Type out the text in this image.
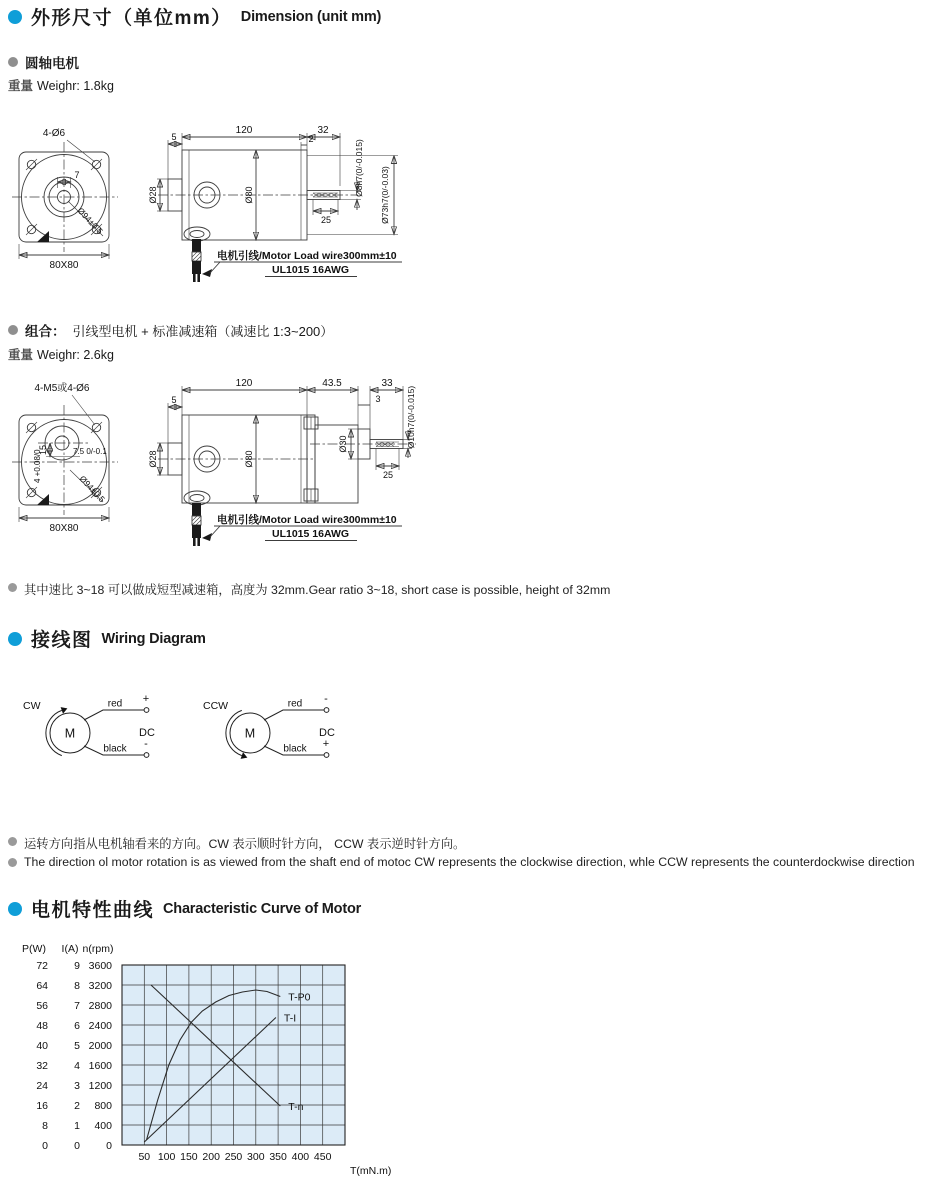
外形尺寸（单位mm） Dimension (unit mm)
圆轴电机
重量 Weighr: 1.8kg
4-Ø6
7
Ø94±0.5
80X80
120	32
5	2
Ø28	Ø80	Ø8h7(0/-0.015) Ø73h7(0/-0.03)
25
电机引线/Motor Load wire300mm±10
UL1015 16AWG
组合： 引线型电机 + 标准减速箱（减速比 1:3~200）
重量 Weighr: 2.6kg
4-M5或4-Ø6
15	7.5 0/-0.1
4 +0.08/0
Ø94±0.5
80X80
120	43.5	33
3
5
Ø28	Ø80
Ø30	Ø10h7(0/-0.015)
25
电机引线/Motor Load wire300mm±10
UL1015 16AWG
其中速比 3~18 可以做成短型减速箱，高度为 32mm.Gear ratio 3~18, short case is possible, height of 32mm
接线图 Wiring Diagram
CW
M
red +
black -
DC
CCW
M
red -
black +
DC
运转方向指从电机轴看来的方向。CW 表示顺时针方向， CCW 表示逆时针方向。
The direction ol motor rotation is as viewed from the shaft end of motoc CW represents the clockwise direction, whle CCW represents the counterdockwise direction
电机特性曲线 Characteristic Curve of Motor
P(W)
72
64
56
48
40
32
24
16
8
0
I(A)
9
8
7
6
5
4
3
2
1
0
n(rpm)
3600
3200
2800
2400
2000
1600
1200
800
400
0
50 100 150 200 250 300 350 400 450
T(mN.m)
T-n
T-I
T-P0
